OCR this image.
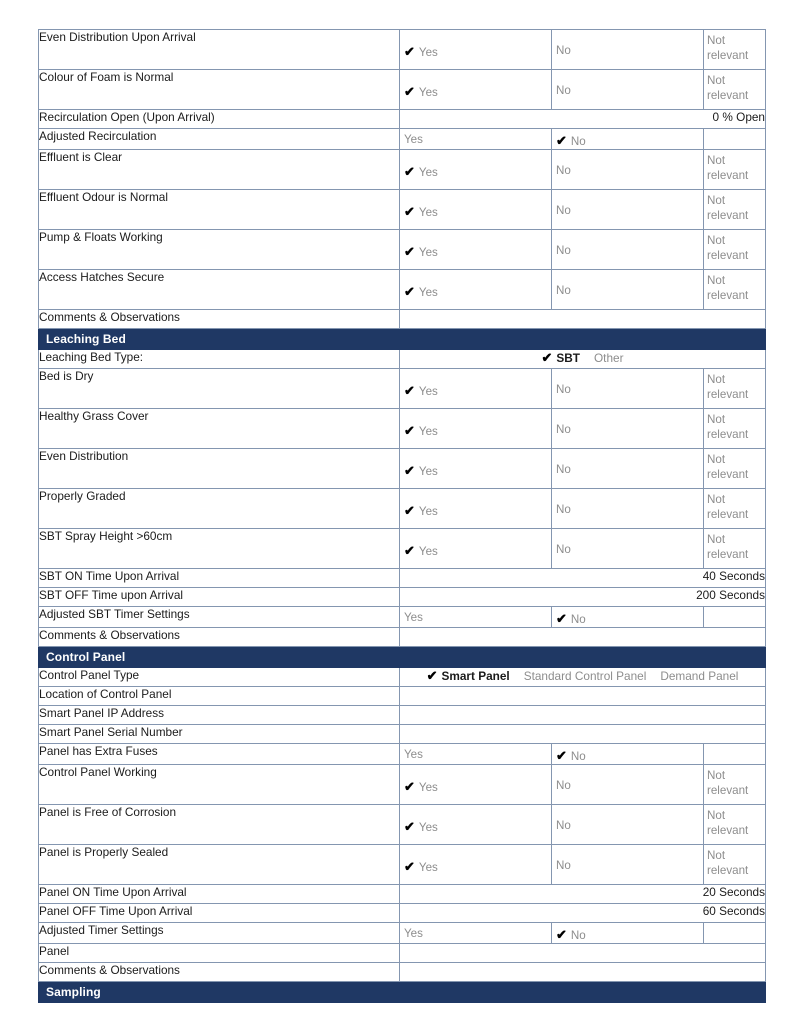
Even Distribution Upon Arrival	✔ Yes	No	Not
relevant

Colour of Foam is Normal	✔ Yes	No	Not
relevant

Recirculation Open (Upon Arrival)	0 % Open		
Adjusted Recirculation	Yes	✔ No	

Effluent is Clear	✔ Yes	No	Not
relevant

Effluent Odour is Normal	✔ Yes	No	Not
relevant

Pump & Floats Working	✔ Yes	No	Not
relevant

Access Hatches Secure	✔ Yes	No	Not
relevant

Comments & Observations			
Leaching Bed			
Leaching Bed Type:	✔ SBT Other		
Bed is Dry	✔ Yes	No	Not
relevant

Healthy Grass Cover	✔ Yes	No	Not
relevant

Even Distribution	✔ Yes	No	Not
relevant

Properly Graded	✔ Yes	No	Not
relevant

SBT Spray Height >60cm	✔ Yes	No	Not
relevant

SBT ON Time Upon Arrival	40 Seconds		
SBT OFF Time upon Arrival	200 Seconds		
Adjusted SBT Timer Settings	Yes	✔ No	

Comments & Observations			
Control Panel			
Control Panel Type	✔ Smart Panel Standard Control Panel Demand Panel		
Location of Control Panel			
Smart Panel IP Address			
Smart Panel Serial Number			
Panel has Extra Fuses	Yes	✔ No	

Control Panel Working	✔ Yes	No	Not
relevant

Panel is Free of Corrosion	✔ Yes	No	Not
relevant

Panel is Properly Sealed	✔ Yes	No	Not
relevant

Panel ON Time Upon Arrival	20 Seconds		
Panel OFF Time Upon Arrival	60 Seconds		
Adjusted Timer Settings	Yes	✔ No	

Panel			
Comments & Observations			
Sampling			
